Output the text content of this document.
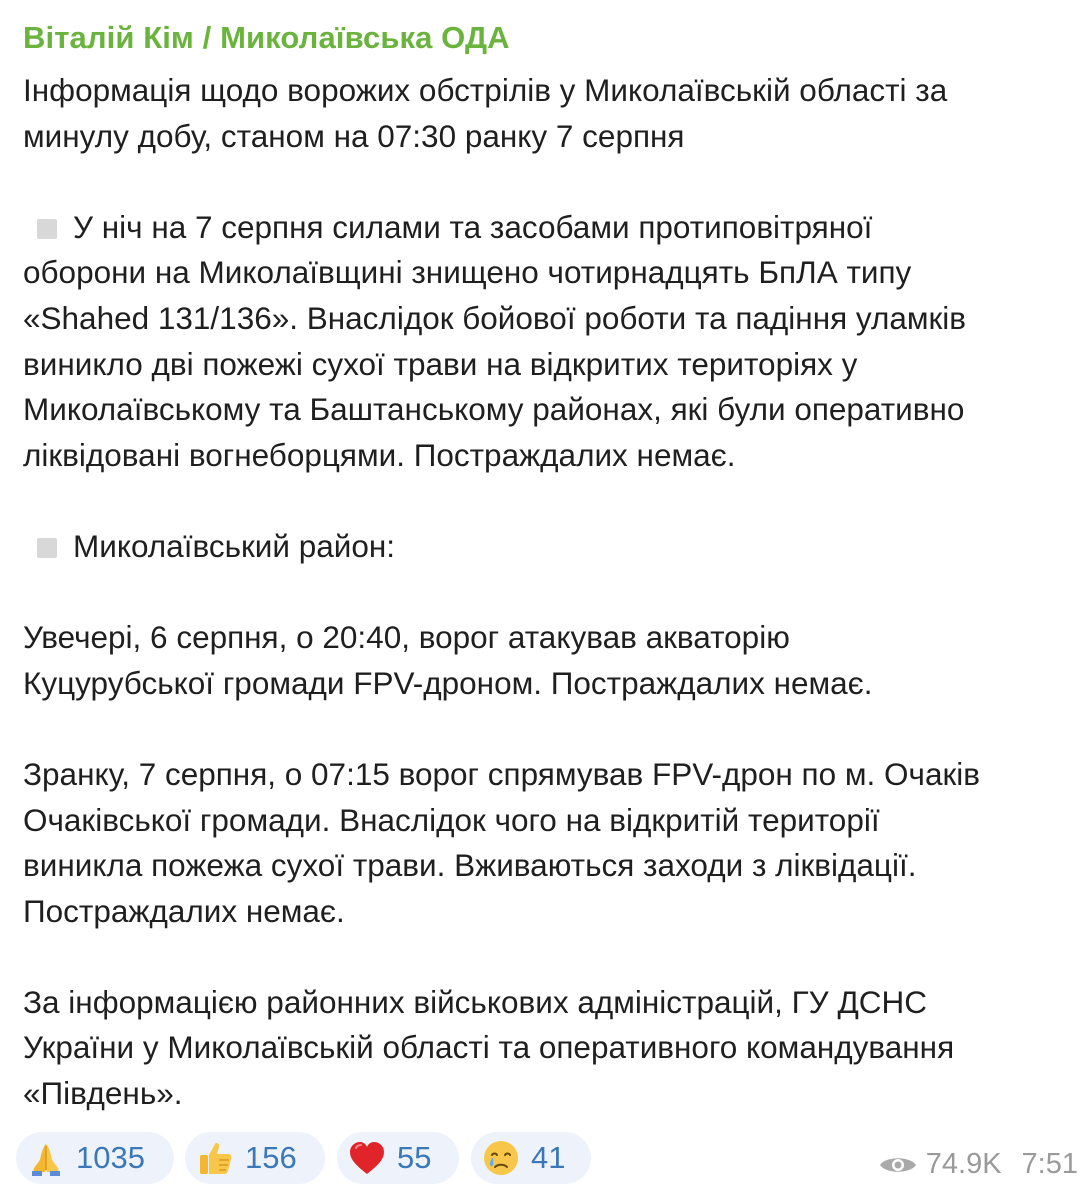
Віталій Кім / Миколаївська ОДА
Інформація щодо ворожих обстрілів у Миколаївській області за
минулу добу, станом на 07:30 ранку 7 серпня
У ніч на 7 серпня силами та засобами протиповітряної
оборони на Миколаївщині знищено чотирнадцять БпЛА типу
«Shahed 131/136». Внаслідок бойової роботи та падіння уламків
виникло дві пожежі сухої трави на відкритих територіях у
Миколаївському та Баштанському районах, які були оперативно
ліквідовані вогнеборцями. Постраждалих немає.
Миколаївський район:
Увечері, 6 серпня, о 20:40, ворог атакував акваторію
Куцурубської громади FPV-дроном. Постраждалих немає.
Зранку, 7 серпня, о 07:15 ворог спрямував FPV-дрон по м. Очаків
Очаківської громади. Внаслідок чого на відкритій території
виникла пожежа сухої трави. Вживаються заходи з ліквідації.
Постраждалих немає.
За інформацією районних військових адміністрацій, ГУ ДСНС
України у Миколаївській області та оперативного командування
«Південь».
1035	156	55	41	74.9K 7:51
